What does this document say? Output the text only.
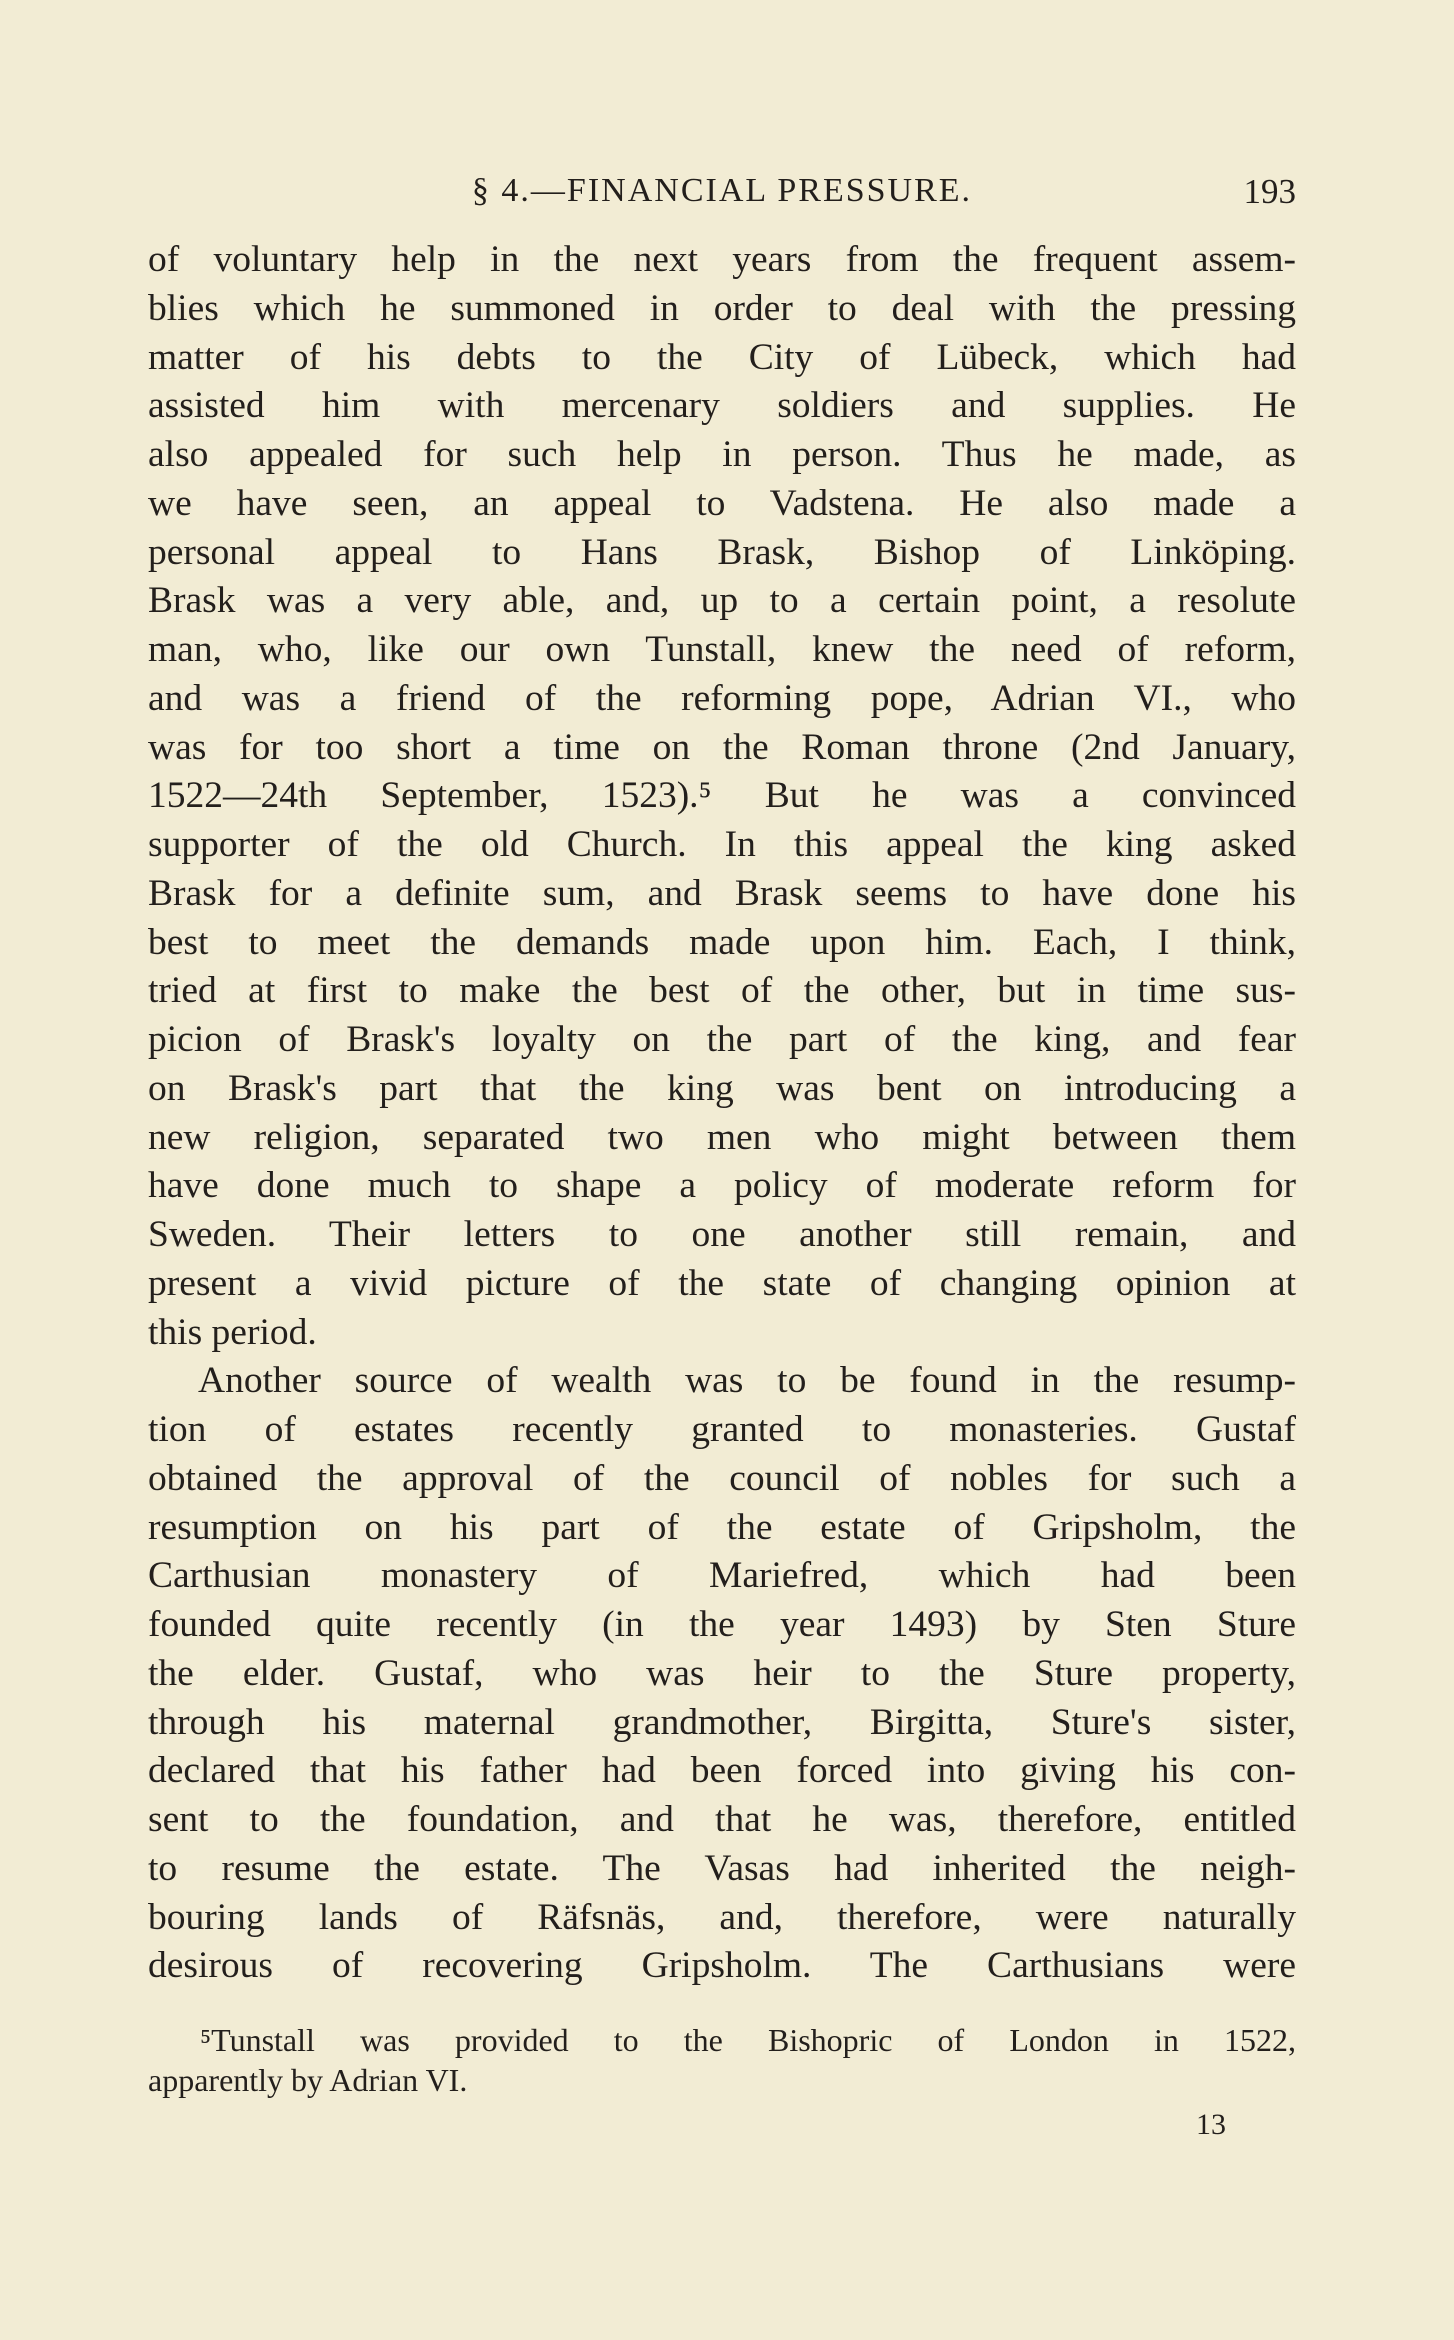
§ 4.—FINANCIAL PRESSURE.	193
of voluntary help in the next years from the frequent assem-
blies which he summoned in order to deal with the pressing
matter of his debts to the City of Lübeck, which had
assisted him with mercenary soldiers and supplies. He
also appealed for such help in person. Thus he made, as
we have seen, an appeal to Vadstena. He also made a
personal appeal to Hans Brask, Bishop of Linköping.
Brask was a very able, and, up to a certain point, a resolute
man, who, like our own Tunstall, knew the need of reform,
and was a friend of the reforming pope, Adrian VI., who
was for too short a time on the Roman throne (2nd January,
1522—24th September, 1523).⁵ But he was a convinced
supporter of the old Church. In this appeal the king asked
Brask for a definite sum, and Brask seems to have done his
best to meet the demands made upon him. Each, I think,
tried at first to make the best of the other, but in time sus-
picion of Brask's loyalty on the part of the king, and fear
on Brask's part that the king was bent on introducing a
new religion, separated two men who might between them
have done much to shape a policy of moderate reform for
Sweden. Their letters to one another still remain, and
present a vivid picture of the state of changing opinion at
this period.
Another source of wealth was to be found in the resump-
tion of estates recently granted to monasteries. Gustaf
obtained the approval of the council of nobles for such a
resumption on his part of the estate of Gripsholm, the
Carthusian monastery of Mariefred, which had been
founded quite recently (in the year 1493) by Sten Sture
the elder. Gustaf, who was heir to the Sture property,
through his maternal grandmother, Birgitta, Sture's sister,
declared that his father had been forced into giving his con-
sent to the foundation, and that he was, therefore, entitled
to resume the estate. The Vasas had inherited the neigh-
bouring lands of Räfsnäs, and, therefore, were naturally
desirous of recovering Gripsholm. The Carthusians were
⁵Tunstall was provided to the Bishopric of London in 1522,
apparently by Adrian VI.
13
